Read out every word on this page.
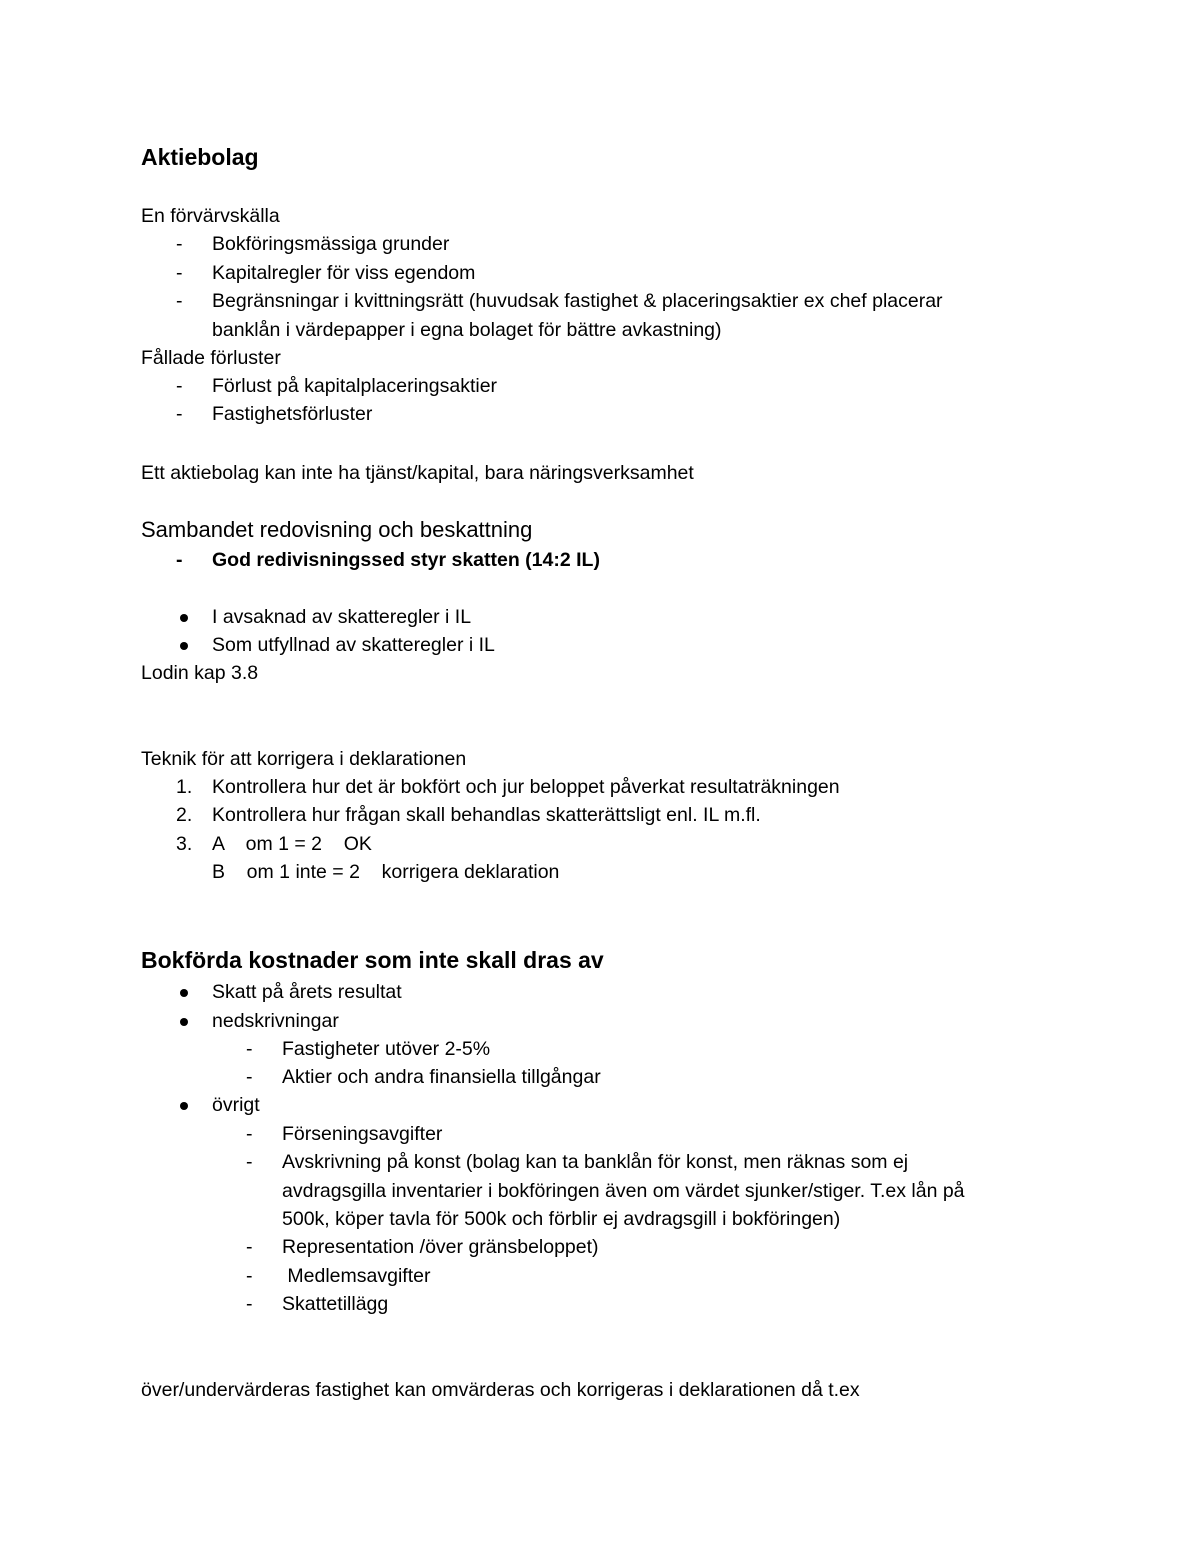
Aktiebolag

En förvärvskälla

- Bokföringsmässiga grunder
- Kapitalregler för viss egendom
- Begränsningar i kvittningsrätt (huvudsak fastighet & placeringsaktier ex chef placerar
banklån i värdepapper i egna bolaget för bättre avkastning)

Fållade förluster

- Förlust på kapitalplaceringsaktier
- Fastighetsförluster

Ett aktiebolag kan inte ha tjänst/kapital, bara näringsverksamhet

Sambandet redovisning och beskattning
- God redivisningssed styr skatten (14:2 IL)
I avsaknad av skatteregler i IL
Som utfyllnad av skatteregler i IL

Lodin kap 3.8

Teknik för att korrigera i deklarationen

1. Kontrollera hur det är bokfört och jur beloppet påverkat resultaträkningen
2. Kontrollera hur frågan skall behandlas skatterättsligt enl. IL m.fl.
3. A    om 1 = 2    OK
B    om 1 inte = 2    korrigera deklaration
Bokförda kostnader som inte skall dras av
Skatt på årets resultat
nedskrivningar
- Fastigheter utöver 2-5%
- Aktier och andra finansiella tillgångar
övrigt
- Förseningsavgifter
- Avskrivning på konst (bolag kan ta banklån för konst, men räknas som ej
avdragsgilla inventarier i bokföringen även om värdet sjunker/stiger. T.ex lån på
500k, köper tavla för 500k och förblir ej avdragsgill i bokföringen)
- Representation /över gränsbeloppet)
- Medlemsavgifter
- Skattetillägg

över/undervärderas fastighet kan omvärderas och korrigeras i deklarationen då t.ex
